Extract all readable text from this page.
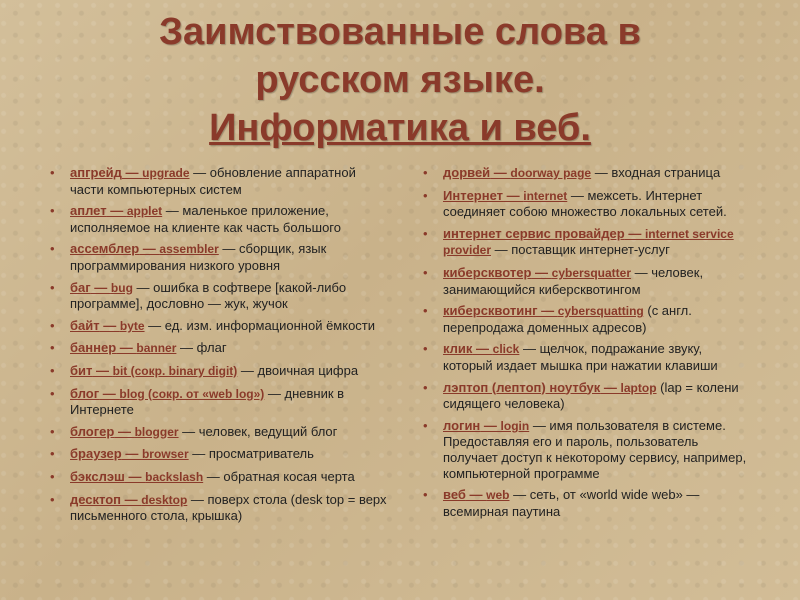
Заимствованные слова в
русском языке.
Информатика и веб.
• апгрейд — upgrade — обновление аппаратной части компьютерных систем
• аплет — applet — маленькое приложение, исполняемое на клиенте как часть большого
• ассемблер — assembler — сборщик, язык программирования низкого уровня
• баг — bug — ошибка в софтвере [какой-либо программе], дословно — жук, жучок
• байт — byte — ед. изм. информационной ёмкости
• баннер — banner — флаг
• бит — bit (сокр. binary digit) — двоичная цифра
• блог — blog (сокр. от «web log») — дневник в Интернете
• блогер — blogger — человек, ведущий блог
• браузер — browser — просматриватель
• бэкслэш — backslash — обратная косая черта
• десктоп — desktop — поверх стола (desk top = верх письменного стола, крышка)
• дорвей — doorway page — входная страница
• Интернет — internet — межсеть. Интернет соединяет собою множество локальных сетей.
• интернет сервис провайдер — internet service provider — поставщик интернет-услуг
• киберсквотер — cybersquatter — человек, занимающийся киберсквотингом
• киберсквотинг — cybersquatting (с англ. перепродажа доменных адресов)
• клик — click — щелчок, подражание звуку, который издает мышка при нажатии клавиши
• лэптоп (лептоп) ноутбук — laptop (lap = колени сидящего человека)
• логин — login — имя пользователя в системе. Предоставляя его и пароль, пользователь получает доступ к некоторому сервису, например, компьютерной программе
• веб — web — сеть, от «world wide web» — всемирная паутина
